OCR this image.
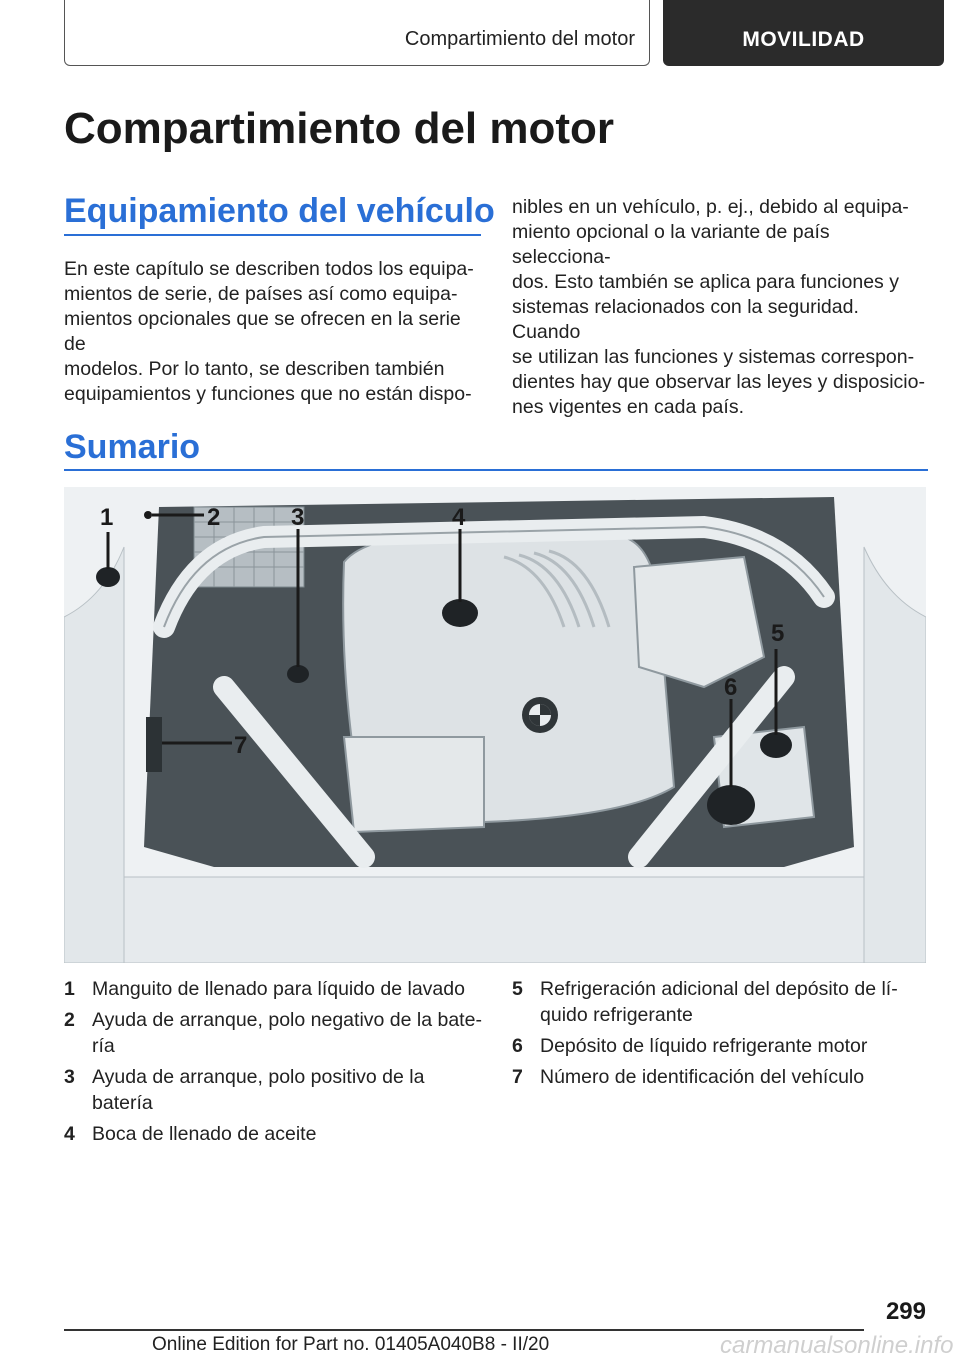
Compartimiento del motor	MOVILIDAD
Compartimiento del motor
Equipamiento del vehículo
En este capítulo se describen todos los equipa-
mientos de serie, de países así como equipa-
mientos opcionales que se ofrecen en la serie de
modelos. Por lo tanto, se describen también
equipamientos y funciones que no están dispo-
nibles en un vehículo, p. ej., debido al equipa-
miento opcional o la variante de país selecciona-
dos. Esto también se aplica para funciones y
sistemas relacionados con la seguridad. Cuando
se utilizan las funciones y sistemas correspon-
dientes hay que observar las leyes y disposicio-
nes vigentes en cada país.
Sumario
1	2	3	4
5
6
7
1 Manguito de llenado para líquido de lavado
2 Ayuda de arranque, polo negativo de la bate-ría
3 Ayuda de arranque, polo positivo de la batería
4 Boca de llenado de aceite
5 Refrigeración adicional del depósito de lí-quido refrigerante
6 Depósito de líquido refrigerante motor
7 Número de identificación del vehículo
299
Online Edition for Part no. 01405A040B8 - II/20	carmanualsonline.info
